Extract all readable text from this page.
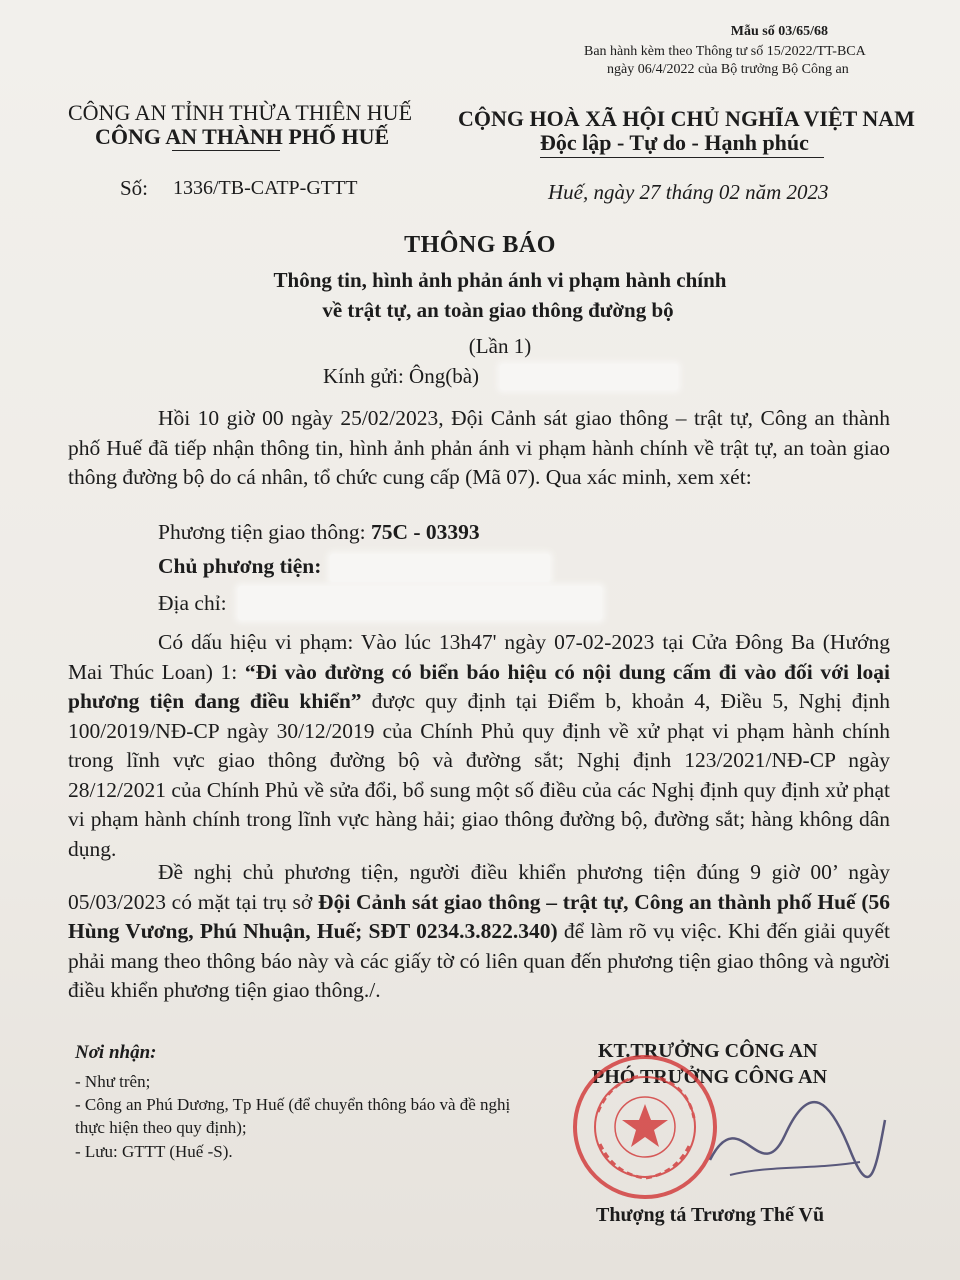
Mẫu số 03/65/68
Ban hành kèm theo Thông tư số 15/2022/TT-BCA
ngày 06/4/2022 của Bộ trưởng Bộ Công an
CÔNG AN TỈNH THỪA THIÊN HUẾ
CÔNG AN THÀNH PHỐ HUẾ
CỘNG HOÀ XÃ HỘI CHỦ NGHĨA VIỆT NAM
Độc lập - Tự do - Hạnh phúc
Số: 1336/TB-CATP-GTTT	Huế, ngày 27 tháng 02 năm 2023
THÔNG BÁO
Thông tin, hình ảnh phản ánh vi phạm hành chính
về trật tự, an toàn giao thông đường bộ
(Lần 1)
Kính gửi: Ông(bà)
Hồi 10 giờ 00 ngày 25/02/2023, Đội Cảnh sát giao thông – trật tự, Công an thành phố Huế đã tiếp nhận thông tin, hình ảnh phản ánh vi phạm hành chính về trật tự, an toàn giao thông đường bộ do cá nhân, tổ chức cung cấp (Mã 07). Qua xác minh, xem xét:
Phương tiện giao thông: 75C - 03393
Chủ phương tiện:
Địa chỉ:
Có dấu hiệu vi phạm: Vào lúc 13h47' ngày 07-02-2023 tại Cửa Đông Ba (Hướng Mai Thúc Loan) 1: “Đi vào đường có biển báo hiệu có nội dung cấm đi vào đối với loại phương tiện đang điều khiển” được quy định tại Điểm b, khoản 4, Điều 5, Nghị định 100/2019/NĐ-CP ngày 30/12/2019 của Chính Phủ quy định về xử phạt vi phạm hành chính trong lĩnh vực giao thông đường bộ và đường sắt; Nghị định 123/2021/NĐ-CP ngày 28/12/2021 của Chính Phủ về sửa đổi, bổ sung một số điều của các Nghị định quy định xử phạt vi phạm hành chính trong lĩnh vực hàng hải; giao thông đường bộ, đường sắt; hàng không dân dụng.
Đề nghị chủ phương tiện, người điều khiển phương tiện đúng 9 giờ 00’ ngày 05/03/2023 có mặt tại trụ sở Đội Cảnh sát giao thông – trật tự, Công an thành phố Huế (56 Hùng Vương, Phú Nhuận, Huế; SĐT 0234.3.822.340) để làm rõ vụ việc. Khi đến giải quyết phải mang theo thông báo này và các giấy tờ có liên quan đến phương tiện giao thông và người điều khiển phương tiện giao thông./.
Nơi nhận:
- Như trên;
- Công an Phú Dương, Tp Huế (để chuyển thông báo và đề nghị thực hiện theo quy định);
- Lưu: GTTT (Huế -S).
KT.TRƯỞNG CÔNG AN
PHÓ TRƯỞNG CÔNG AN
Thượng tá Trương Thế Vũ
